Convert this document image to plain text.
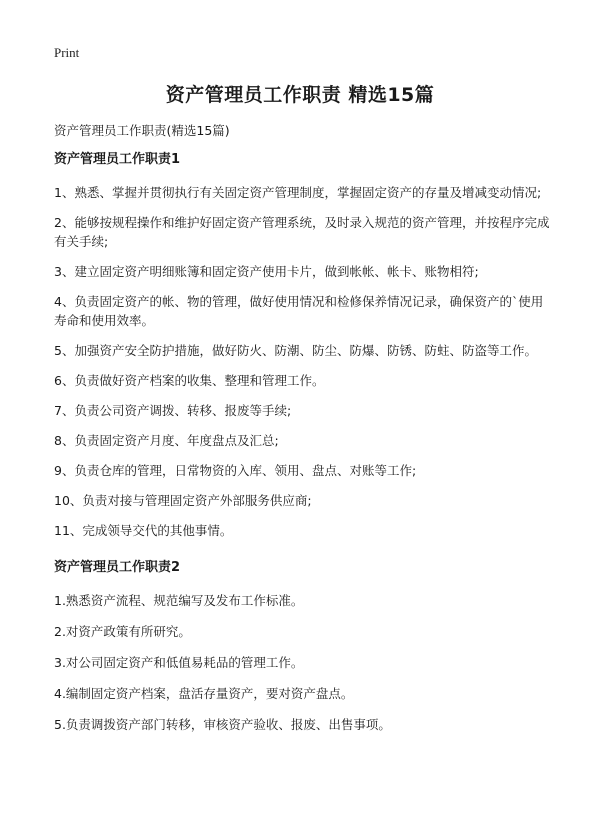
Print
资产管理员工作职责 精选15篇
资产管理员工作职责(精选15篇)
资产管理员工作职责1

1、熟悉、掌握并贯彻执行有关固定资产管理制度，掌握固定资产的存量及增减变动情况;

2、能够按规程操作和维护好固定资产管理系统，及时录入规范的资产管理，并按程序完成有关手续;

3、建立固定资产明细账簿和固定资产使用卡片，做到帐帐、帐卡、账物相符;

4、负责固定资产的帐、物的管理，做好使用情况和检修保养情况记录，确保资产的`使用寿命和使用效率。

5、加强资产安全防护措施，做好防火、防潮、防尘、防爆、防锈、防蛀、防盗等工作。

6、负责做好资产档案的收集、整理和管理工作。

7、负责公司资产调拨、转移、报废等手续;

8、负责固定资产月度、年度盘点及汇总;

9、负责仓库的管理，日常物资的入库、领用、盘点、对账等工作;

10、负责对接与管理固定资产外部服务供应商;

11、完成领导交代的其他事情。

资产管理员工作职责2

1.熟悉资产流程、规范编写及发布工作标准。

2.对资产政策有所研究。

3.对公司固定资产和低值易耗品的管理工作。

4.编制固定资产档案，盘活存量资产，要对资产盘点。

5.负责调拨资产部门转移，审核资产验收、报废、出售事项。
